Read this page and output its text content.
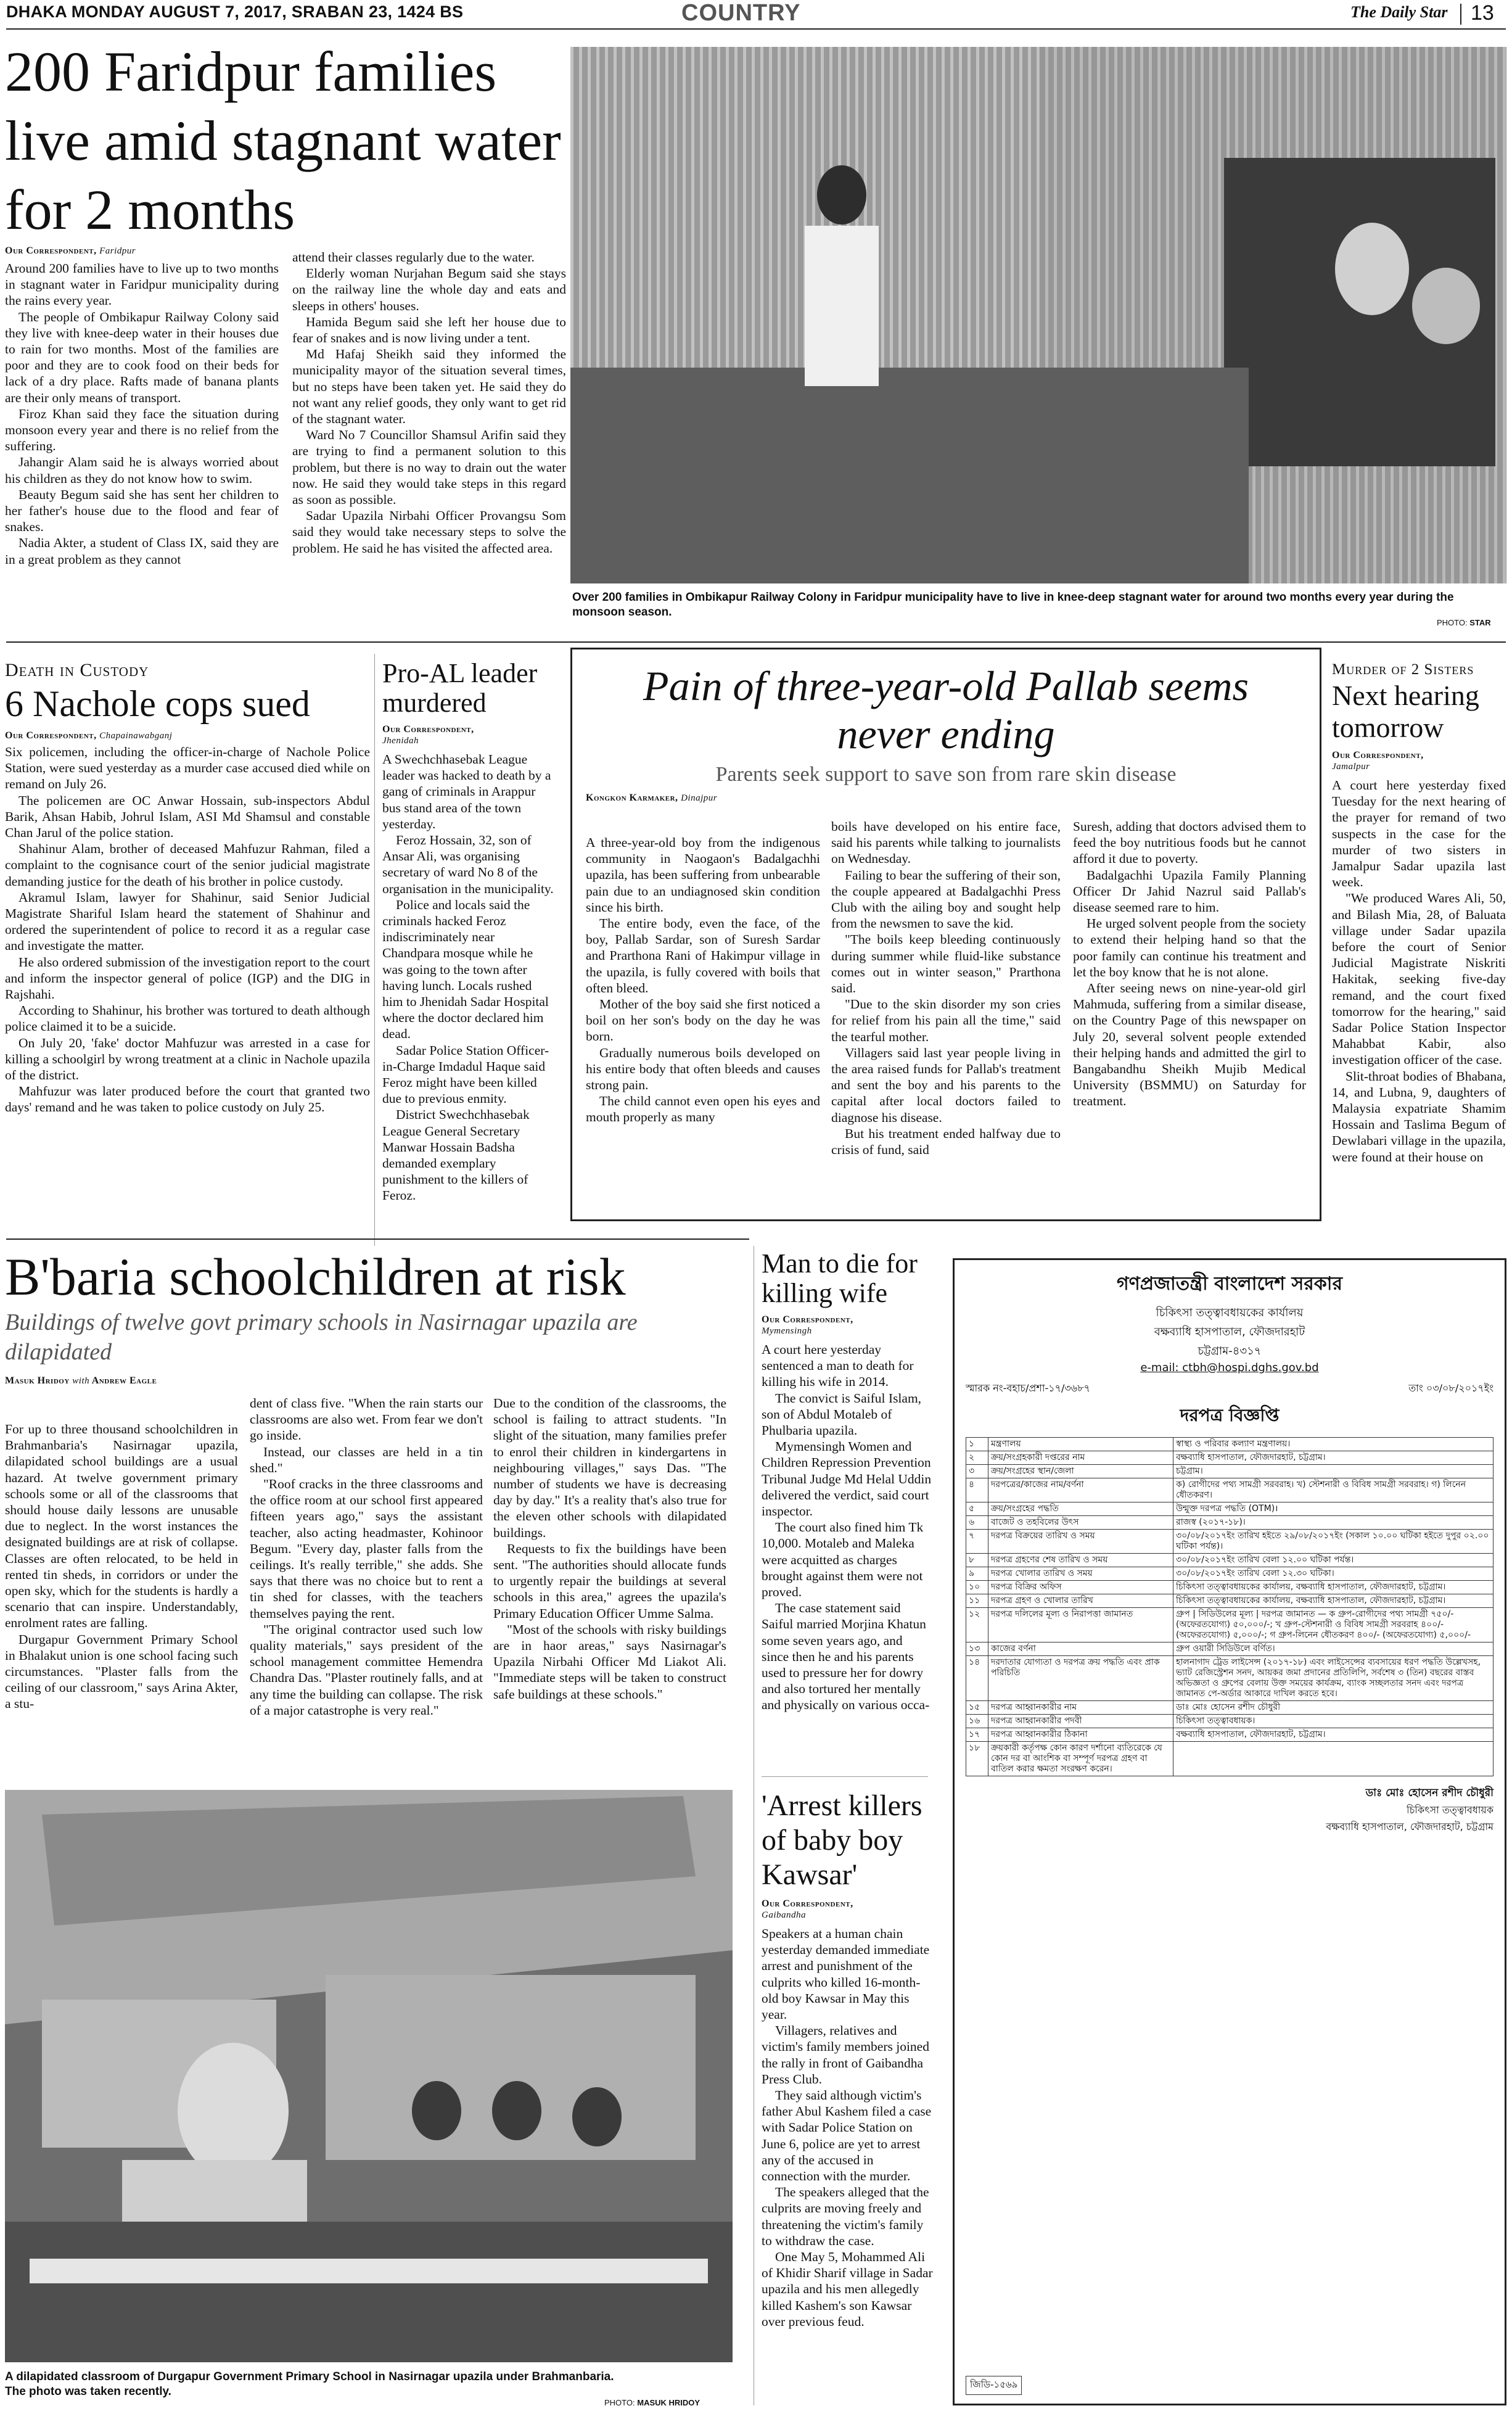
DHAKA MONDAY AUGUST 7, 2017, SRABAN 23, 1424 BS	COUNTRY	The Daily Star 13
200 Faridpur families live amid stagnant water for 2 months
Our Correspondent, Faridpur

Around 200 families have to live up to two months in stagnant water in Faridpur municipality during the rains every year.

The people of Ombikapur Railway Colony said they live with knee-deep water in their houses due to rain for two months. Most of the families are poor and they are to cook food on their beds for lack of a dry place. Rafts made of banana plants are their only means of transport.

Firoz Khan said they face the situation during monsoon every year and there is no relief from the suffering.

Jahangir Alam said he is always worried about his children as they do not know how to swim.

Beauty Begum said she has sent her children to her father's house due to the flood and fear of snakes.

Nadia Akter, a student of Class IX, said they are in a great problem as they cannot

attend their classes regularly due to the water.

Elderly woman Nurjahan Begum said she stays on the railway line the whole day and eats and sleeps in others' houses.

Hamida Begum said she left her house due to fear of snakes and is now living under a tent.

Md Hafaj Sheikh said they informed the municipality mayor of the situation several times, but no steps have been taken yet. He said they do not want any relief goods, they only want to get rid of the stagnant water.

Ward No 7 Councillor Shamsul Arifin said they are trying to find a permanent solution to this problem, but there is no way to drain out the water now. He said they would take steps in this regard as soon as possible.

Sadar Upazila Nirbahi Officer Provangsu Som said they would take necessary steps to solve the problem. He said he has visited the affected area.

Over 200 families in Ombikapur Railway Colony in Faridpur municipality have to live in knee-deep stagnant water for around two months every year during the monsoon season.
PHOTO: STAR
Death in Custody
6 Nachole cops sued
Our Correspondent, Chapainawabganj

Six policemen, including the officer-in-charge of Nachole Police Station, were sued yesterday as a murder case accused died while on remand on July 26.

The policemen are OC Anwar Hossain, sub-inspectors Abdul Barik, Ahsan Habib, Johrul Islam, ASI Md Shamsul and constable Chan Jarul of the police station.

Shahinur Alam, brother of deceased Mahfuzur Rahman, filed a complaint to the cognisance court of the senior judicial magistrate demanding justice for the death of his brother in police custody.

Akramul Islam, lawyer for Shahinur, said Senior Judicial Magistrate Shariful Islam heard the statement of Shahinur and ordered the superintendent of police to record it as a regular case and investigate the matter.

He also ordered submission of the investigation report to the court and inform the inspector general of police (IGP) and the DIG in Rajshahi.

According to Shahinur, his brother was tortured to death although police claimed it to be a suicide.

On July 20, 'fake' doctor Mahfuzur was arrested in a case for killing a schoolgirl by wrong treatment at a clinic in Nachole upazila of the district.

Mahfuzur was later produced before the court that granted two days' remand and he was taken to police custody on July 25.

Pro-AL leader murdered
Our Correspondent,
Jhenidah

A Swechchhasebak League leader was hacked to death by a gang of criminals in Arappur bus stand area of the town yesterday.

Feroz Hossain, 32, son of Ansar Ali, was organising secretary of ward No 8 of the organisation in the municipality.

Police and locals said the criminals hacked Feroz indiscriminately near Chandpara mosque while he was going to the town after having lunch. Locals rushed him to Jhenidah Sadar Hospital where the doctor declared him dead.

Sadar Police Station Officer-in-Charge Imdadul Haque said Feroz might have been killed due to previous enmity.

District Swechchhasebak League General Secretary Manwar Hossain Badsha demanded exemplary punishment to the killers of Feroz.

Pain of three-year-old Pallab seems never ending
Parents seek support to save son from rare skin disease
Kongkon Karmaker, Dinajpur

A three-year-old boy from the indigenous community in Naogaon's Badalgachhi upazila, has been suffering from unbearable pain due to an undiagnosed skin condition since his birth.

The entire body, even the face, of the boy, Pallab Sardar, son of Suresh Sardar and Prarthona Rani of Hakimpur village in the upazila, is fully covered with boils that often bleed.

Mother of the boy said she first noticed a boil on her son's body on the day he was born.

Gradually numerous boils developed on his entire body that often bleeds and causes strong pain.

The child cannot even open his eyes and mouth properly as many

boils have developed on his entire face, said his parents while talking to journalists on Wednesday.

Failing to bear the suffering of their son, the couple appeared at Badalgachhi Press Club with the ailing boy and sought help from the newsmen to save the kid.

"The boils keep bleeding continuously during summer while fluid-like substance comes out in winter season," Prarthona said.

"Due to the skin disorder my son cries for relief from his pain all the time," said the tearful mother.

Villagers said last year people living in the area raised funds for Pallab's treatment and sent the boy and his parents to the capital after local doctors failed to diagnose his disease.

But his treatment ended halfway due to crisis of fund, said

Suresh, adding that doctors advised them to feed the boy nutritious foods but he cannot afford it due to poverty.

Badalgachhi Upazila Family Planning Officer Dr Jahid Nazrul said Pallab's disease seemed rare to him.

He urged solvent people from the society to extend their helping hand so that the poor family can continue his treatment and let the boy know that he is not alone.

After seeing news on nine-year-old girl Mahmuda, suffering from a similar disease, on the Country Page of this newspaper on July 20, several solvent people extended their helping hands and admitted the girl to Bangabandhu Sheikh Mujib Medical University (BSMMU) on Saturday for treatment.

Murder of 2 Sisters
Next hearing tomorrow
Our Correspondent,
Jamalpur

A court here yesterday fixed Tuesday for the next hearing of the prayer for remand of two suspects in the case for the murder of two sisters in Jamalpur Sadar upazila last week.

"We produced Wares Ali, 50, and Bilash Mia, 28, of Baluata village under Sadar upazila before the court of Senior Judicial Magistrate Niskriti Hakitak, seeking five-day remand, and the court fixed tomorrow for the hearing," said Sadar Police Station Inspector Mahabbat Kabir, also investigation officer of the case.

Slit-throat bodies of Bhabana, 14, and Lubna, 9, daughters of Malaysia expatriate Shamim Hossain and Taslima Begum of Dewlabari village in the upazila, were found at their house on

B'baria schoolchildren at risk
Buildings of twelve govt primary schools in Nasirnagar upazila are dilapidated
Masuk Hridoy with Andrew Eagle

For up to three thousand schoolchildren in Brahmanbaria's Nasirnagar upazila, dilapidated school buildings are a usual hazard. At twelve government primary schools some or all of the classrooms that should house daily lessons are unusable due to neglect. In the worst instances the designated buildings are at risk of collapse. Classes are often relocated, to be held in rented tin sheds, in corridors or under the open sky, which for the students is hardly a scenario that can inspire. Understandably, enrolment rates are falling.

Durgapur Government Primary School in Bhalakut union is one school facing such circumstances. "Plaster falls from the ceiling of our classroom," says Arina Akter, a stu-

dent of class five. "When the rain starts our classrooms are also wet. From fear we don't go inside.

Instead, our classes are held in a tin shed."

"Roof cracks in the three classrooms and the office room at our school first appeared fifteen years ago," says the assistant teacher, also acting headmaster, Kohinoor Begum. "Every day, plaster falls from the ceilings. It's really terrible," she adds. She says that there was no choice but to rent a tin shed for classes, with the teachers themselves paying the rent.

"The original contractor used such low quality materials," says president of the school management committee Hemendra Chandra Das. "Plaster routinely falls, and at any time the building can collapse. The risk of a major catastrophe is very real."

Due to the condition of the classrooms, the school is failing to attract students. "In slight of the situation, many families prefer to enrol their children in kindergartens in neighbouring villages," says Das. "The number of students we have is decreasing day by day." It's a reality that's also true for the eleven other schools with dilapidated buildings.

Requests to fix the buildings have been sent. "The authorities should allocate funds to urgently repair the buildings at several schools in this area," agrees the upazila's Primary Education Officer Umme Salma.

"Most of the schools with risky buildings are in haor areas," says Nasirnagar's Upazila Nirbahi Officer Md Liakot Ali. "Immediate steps will be taken to construct safe buildings at these schools."

A dilapidated classroom of Durgapur Government Primary School in Nasirnagar upazila under Brahmanbaria. The photo was taken recently.
PHOTO: MASUK HRIDOY
Man to die for killing wife
Our Correspondent,
Mymensingh

A court here yesterday sentenced a man to death for killing his wife in 2014.

The convict is Saiful Islam, son of Abdul Motaleb of Phulbaria upazila.

Mymensingh Women and Children Repression Prevention Tribunal Judge Md Helal Uddin delivered the verdict, said court inspector.

The court also fined him Tk 10,000. Motaleb and Maleka were acquitted as charges brought against them were not proved.

The case statement said Saiful married Morjina Khatun some seven years ago, and since then he and his parents used to pressure her for dowry and also tortured her mentally and physically on various occa-

'Arrest killers of baby boy Kawsar'
Our Correspondent,
Gaibandha

Speakers at a human chain yesterday demanded immediate arrest and punishment of the culprits who killed 16-month-old boy Kawsar in May this year.

Villagers, relatives and victim's family members joined the rally in front of Gaibandha Press Club.

They said although victim's father Abul Kashem filed a case with Sadar Police Station on June 6, police are yet to arrest any of the accused in connection with the murder.

The speakers alleged that the culprits are moving freely and threatening the victim's family to withdraw the case.

One May 5, Mohammed Ali of Khidir Sharif village in Sadar upazila and his men allegedly killed Kashem's son Kawsar over previous feud.

গণপ্রজাতন্ত্রী বাংলাদেশ সরকার
চিকিৎসা তত্ত্বাবধায়কের কার্যালয়
বক্ষব্যাধি হাসপাতাল, ফৌজদারহাট
চট্টগ্রাম-৪৩১৭
e-mail: ctbh@hospi.dghs.gov.bd
স্মারক নং-বহাচ/প্রশা-১৭/৩৬৮৭	তাং ০৩/০৮/২০১৭ইং
দরপত্র বিজ্ঞপ্তি
১	মন্ত্রণালয়	স্বাস্থ্য ও পরিবার কল্যাণ মন্ত্রণালয়।
২	ক্রয়/সংগ্রহকারী দপ্তরের নাম	বক্ষব্যাধি হাসপাতাল, ফৌজদারহাট, চট্টগ্রাম।
৩	ক্রয়/সংগ্রহের স্থান/জেলা	চট্টগ্রাম।
৪	দরপত্রের/কাজের নাম/বর্ণনা	ক) রোগীদের পথ্য সামগ্রী সরবরাহ। খ) স্টেশনারী ও বিবিধ সামগ্রী সরবরাহ। গ) লিনেন ধৌতকরণ।
৫	ক্রয়/সংগ্রহের পদ্ধতি	উন্মুক্ত দরপত্র পদ্ধতি (OTM)।
৬	বাজেট ও তহবিলের উৎস	রাজস্ব (২০১৭-১৮)।
৭	দরপত্র বিক্রয়ের তারিখ ও সময়	৩০/০৮/২০১৭ইং তারিখ হইতে ২৯/০৮/২০১৭ইং (সকাল ১০.০০ ঘটিকা হইতে দুপুর ০২.০০ ঘটিকা পর্যন্ত)।
৮	দরপত্র গ্রহণের শেষ তারিখ ও সময়	৩০/০৮/২০১৭ইং তারিখ বেলা ১২.০০ ঘটিকা পর্যন্ত।
৯	দরপত্র খোলার তারিখ ও সময়	৩০/০৮/২০১৭ইং তারিখ বেলা ১২.৩০ ঘটিকা।
১০	দরপত্র বিক্রির অফিস	চিকিৎসা তত্ত্বাবধায়কের কার্যালয়, বক্ষব্যাধি হাসপাতাল, ফৌজদারহাট, চট্টগ্রাম।
১১	দরপত্র গ্রহণ ও খোলার তারিখ	চিকিৎসা তত্ত্বাবধায়কের কার্যালয়, বক্ষব্যাধি হাসপাতাল, ফৌজদারহাট, চট্টগ্রাম।
১২	দরপত্র দলিলের মূল্য ও নিরাপত্তা জামানত	গ্রুপ | সিডিউলের মূল্য | দরপত্র জামানত — ক গ্রুপ-রোগীদের পথ্য সামগ্রী ৭৫০/- (অফেরতযোগ্য) ৫০,০০০/-; খ গ্রুপ-স্টেশনারী ও বিবিধ সামগ্রী সরবরাহ ৪০০/- (অফেরতযোগ্য) ৫,০০০/-; গ গ্রুপ-লিনেন ধৌতকরণ ৪০০/- (অফেরতযোগ্য) ৫,০০০/-
১৩	কাজের বর্ণনা	গ্রুপ ওয়ারী সিডিউলে বর্ণিত।
১৪	দরদাতার যোগ্যতা ও দরপত্র ক্রয় পদ্ধতি এবং প্রাক পরিচিতি	হালনাগাদ ট্রেড লাইসেন্স (২০১৭-১৮) এবং লাইসেন্সের ব্যবসায়ের ধরণ পদ্ধতি উল্লেখসহ, ভ্যাট রেজিস্ট্রেশন সনদ, আয়কর জমা প্রদানের প্রতিলিপি, সর্বশেষ ৩ (তিন) বছরের বাস্তব অভিজ্ঞতা ও গ্রুপের বেলায় উক্ত সময়ের কার্যক্রম, ব্যাংক সচ্ছলতার সনদ এবং দরপত্র জামানত পে-অর্ডার আকারে দাখিল করতে হবে।
১৫	দরপত্র আহ্বানকারীর নাম	ডাঃ মোঃ হোসেন রশীদ চৌধুরী
১৬	দরপত্র আহ্বানকারীর পদবী	চিকিৎসা তত্ত্বাবধায়ক।
১৭	দরপত্র আহ্বানকারীর ঠিকানা	বক্ষব্যাধি হাসপাতাল, ফৌজদারহাট, চট্টগ্রাম।
১৮	ক্রয়কারী কর্তৃপক্ষ কোন কারণ দর্শানো ব্যতিরেকে যে কোন দর বা আংশিক বা সম্পূর্ণ দরপত্র গ্রহণ বা বাতিল করার ক্ষমতা সংরক্ষণ করেন।	
ডাঃ মোঃ হোসেন রশীদ চৌধুরী
চিকিৎসা তত্ত্বাবধায়ক
বক্ষব্যাধি হাসপাতাল, ফৌজদারহাট, চট্টগ্রাম
জিডি-১৫৬৯
